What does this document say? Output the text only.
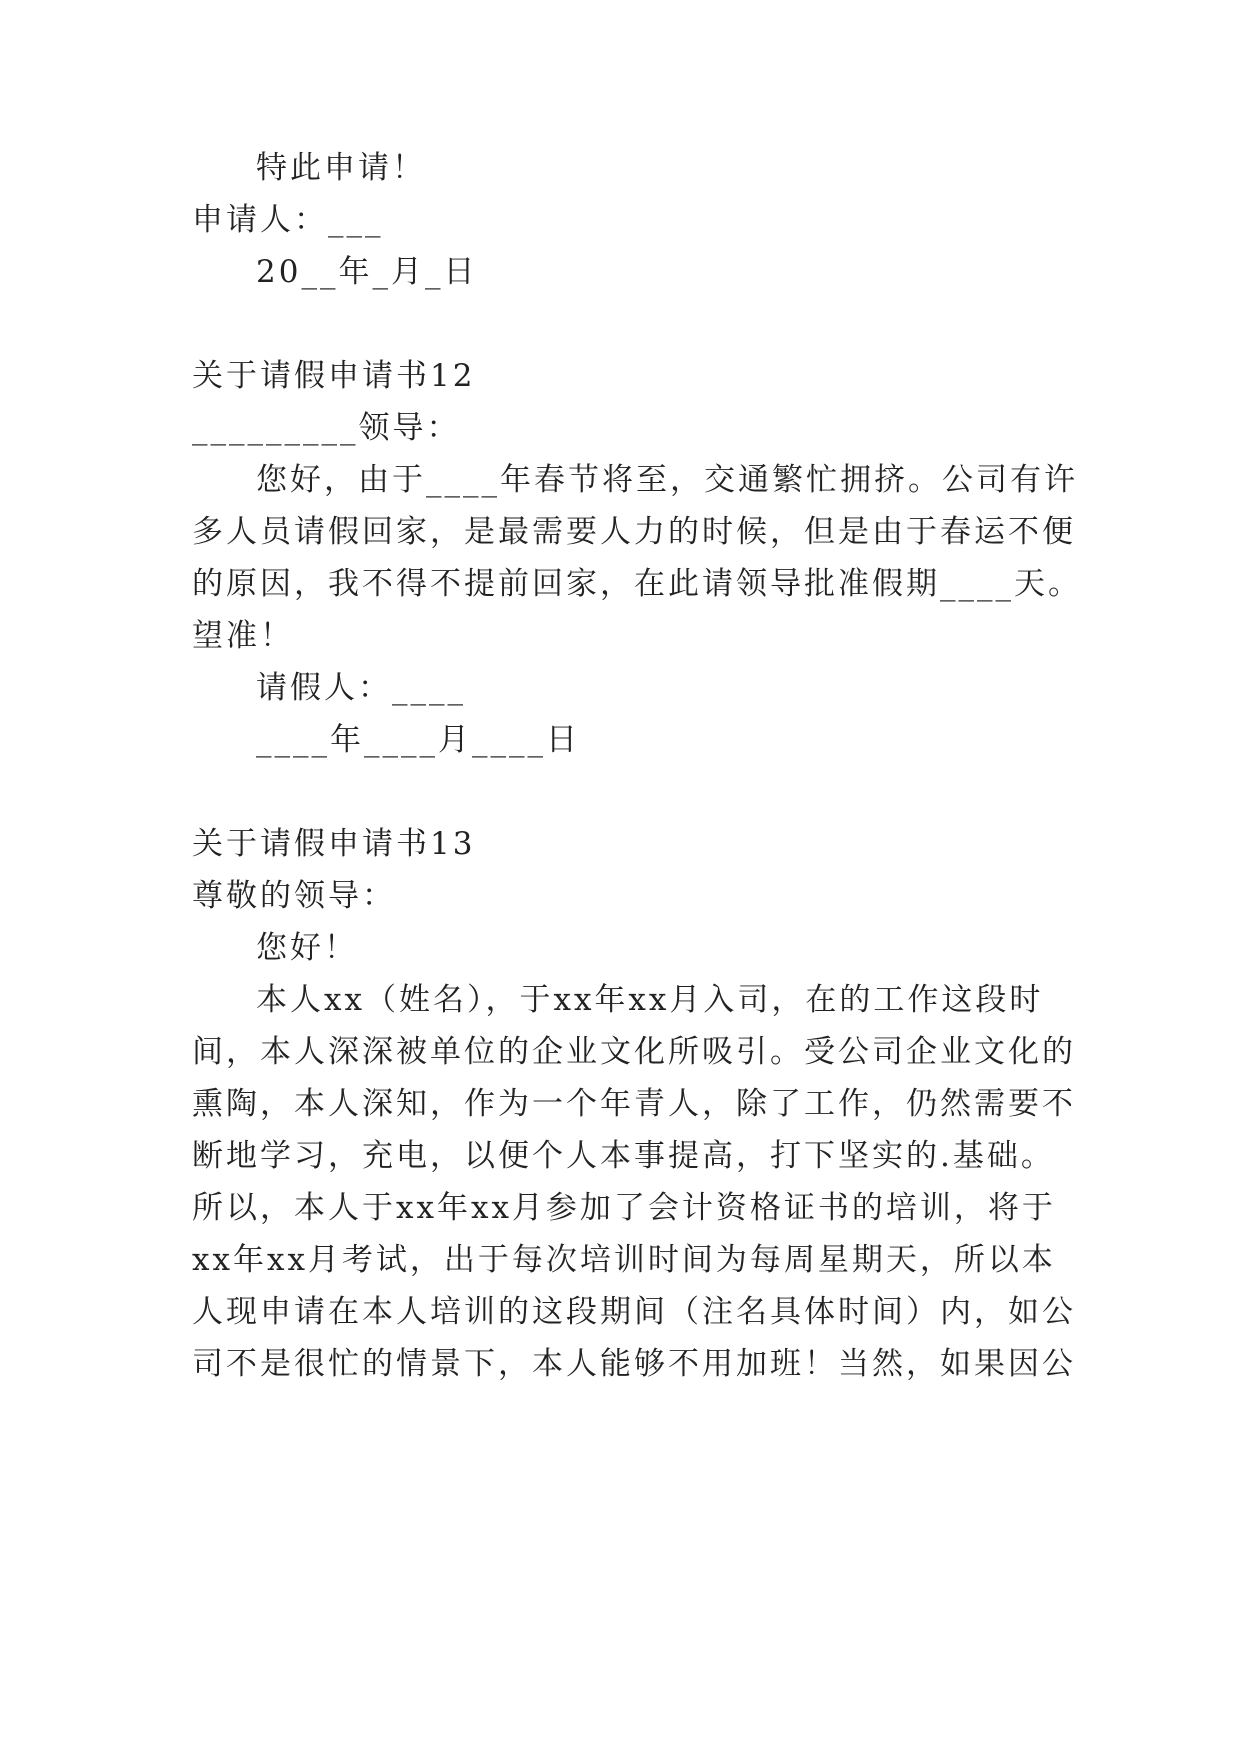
特此申请！
申请人：___
20__年_月_日
关于请假申请书12
_________领导：
您好，由于____年春节将至，交通繁忙拥挤。公司有许
多人员请假回家，是最需要人力的时候，但是由于春运不便
的原因，我不得不提前回家，在此请领导批准假期____天。
望准！
请假人：____
____年____月____日
关于请假申请书13
尊敬的领导：
您好！
本人xx（姓名），于xx年xx月入司，在的工作这段时
间，本人深深被单位的企业文化所吸引。受公司企业文化的
熏陶，本人深知，作为一个年青人，除了工作，仍然需要不
断地学习，充电，以便个人本事提高，打下坚实的.基础。
所以，本人于xx年xx月参加了会计资格证书的培训，将于
xx年xx月考试，出于每次培训时间为每周星期天，所以本
人现申请在本人培训的这段期间（注名具体时间）内，如公
司不是很忙的情景下，本人能够不用加班！当然，如果因公
